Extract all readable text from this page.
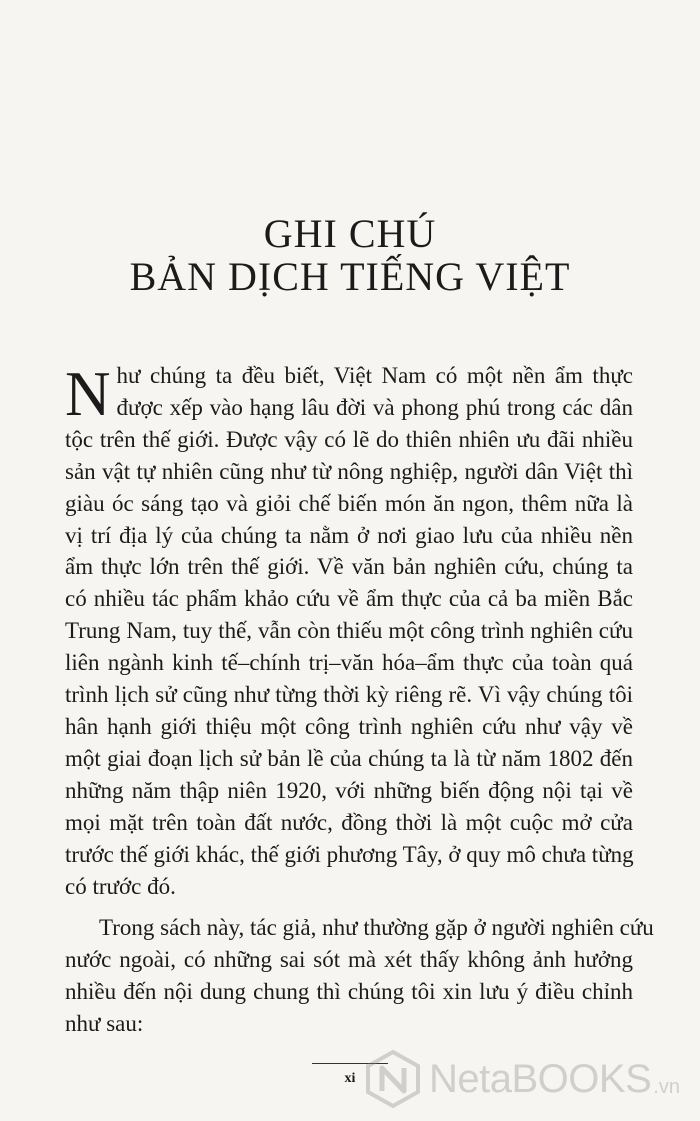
GHI CHÚ
BẢN DỊCH TIẾNG VIỆT
N hư chúng ta đều biết, Việt Nam có một nền ẩm thực
được xếp vào hạng lâu đời và phong phú trong các dân
tộc trên thế giới. Được vậy có lẽ do thiên nhiên ưu đãi nhiều
sản vật tự nhiên cũng như từ nông nghiệp, người dân Việt thì
giàu óc sáng tạo và giỏi chế biến món ăn ngon, thêm nữa là
vị trí địa lý của chúng ta nằm ở nơi giao lưu của nhiều nền
ẩm thực lớn trên thế giới. Về văn bản nghiên cứu, chúng ta
có nhiều tác phẩm khảo cứu về ẩm thực của cả ba miền Bắc
Trung Nam, tuy thế, vẫn còn thiếu một công trình nghiên cứu
liên ngành kinh tế–chính trị–văn hóa–ẩm thực của toàn quá
trình lịch sử cũng như từng thời kỳ riêng rẽ. Vì vậy chúng tôi
hân hạnh giới thiệu một công trình nghiên cứu như vậy về
một giai đoạn lịch sử bản lề của chúng ta là từ năm 1802 đến
những năm thập niên 1920, với những biến động nội tại về
mọi mặt trên toàn đất nước, đồng thời là một cuộc mở cửa
trước thế giới khác, thế giới phương Tây, ở quy mô chưa từng
có trước đó.
Trong sách này, tác giả, như thường gặp ở người nghiên cứu
nước ngoài, có những sai sót mà xét thấy không ảnh hưởng
nhiều đến nội dung chung thì chúng tôi xin lưu ý điều chỉnh
như sau:
xi	NetaBOOKS .vn
